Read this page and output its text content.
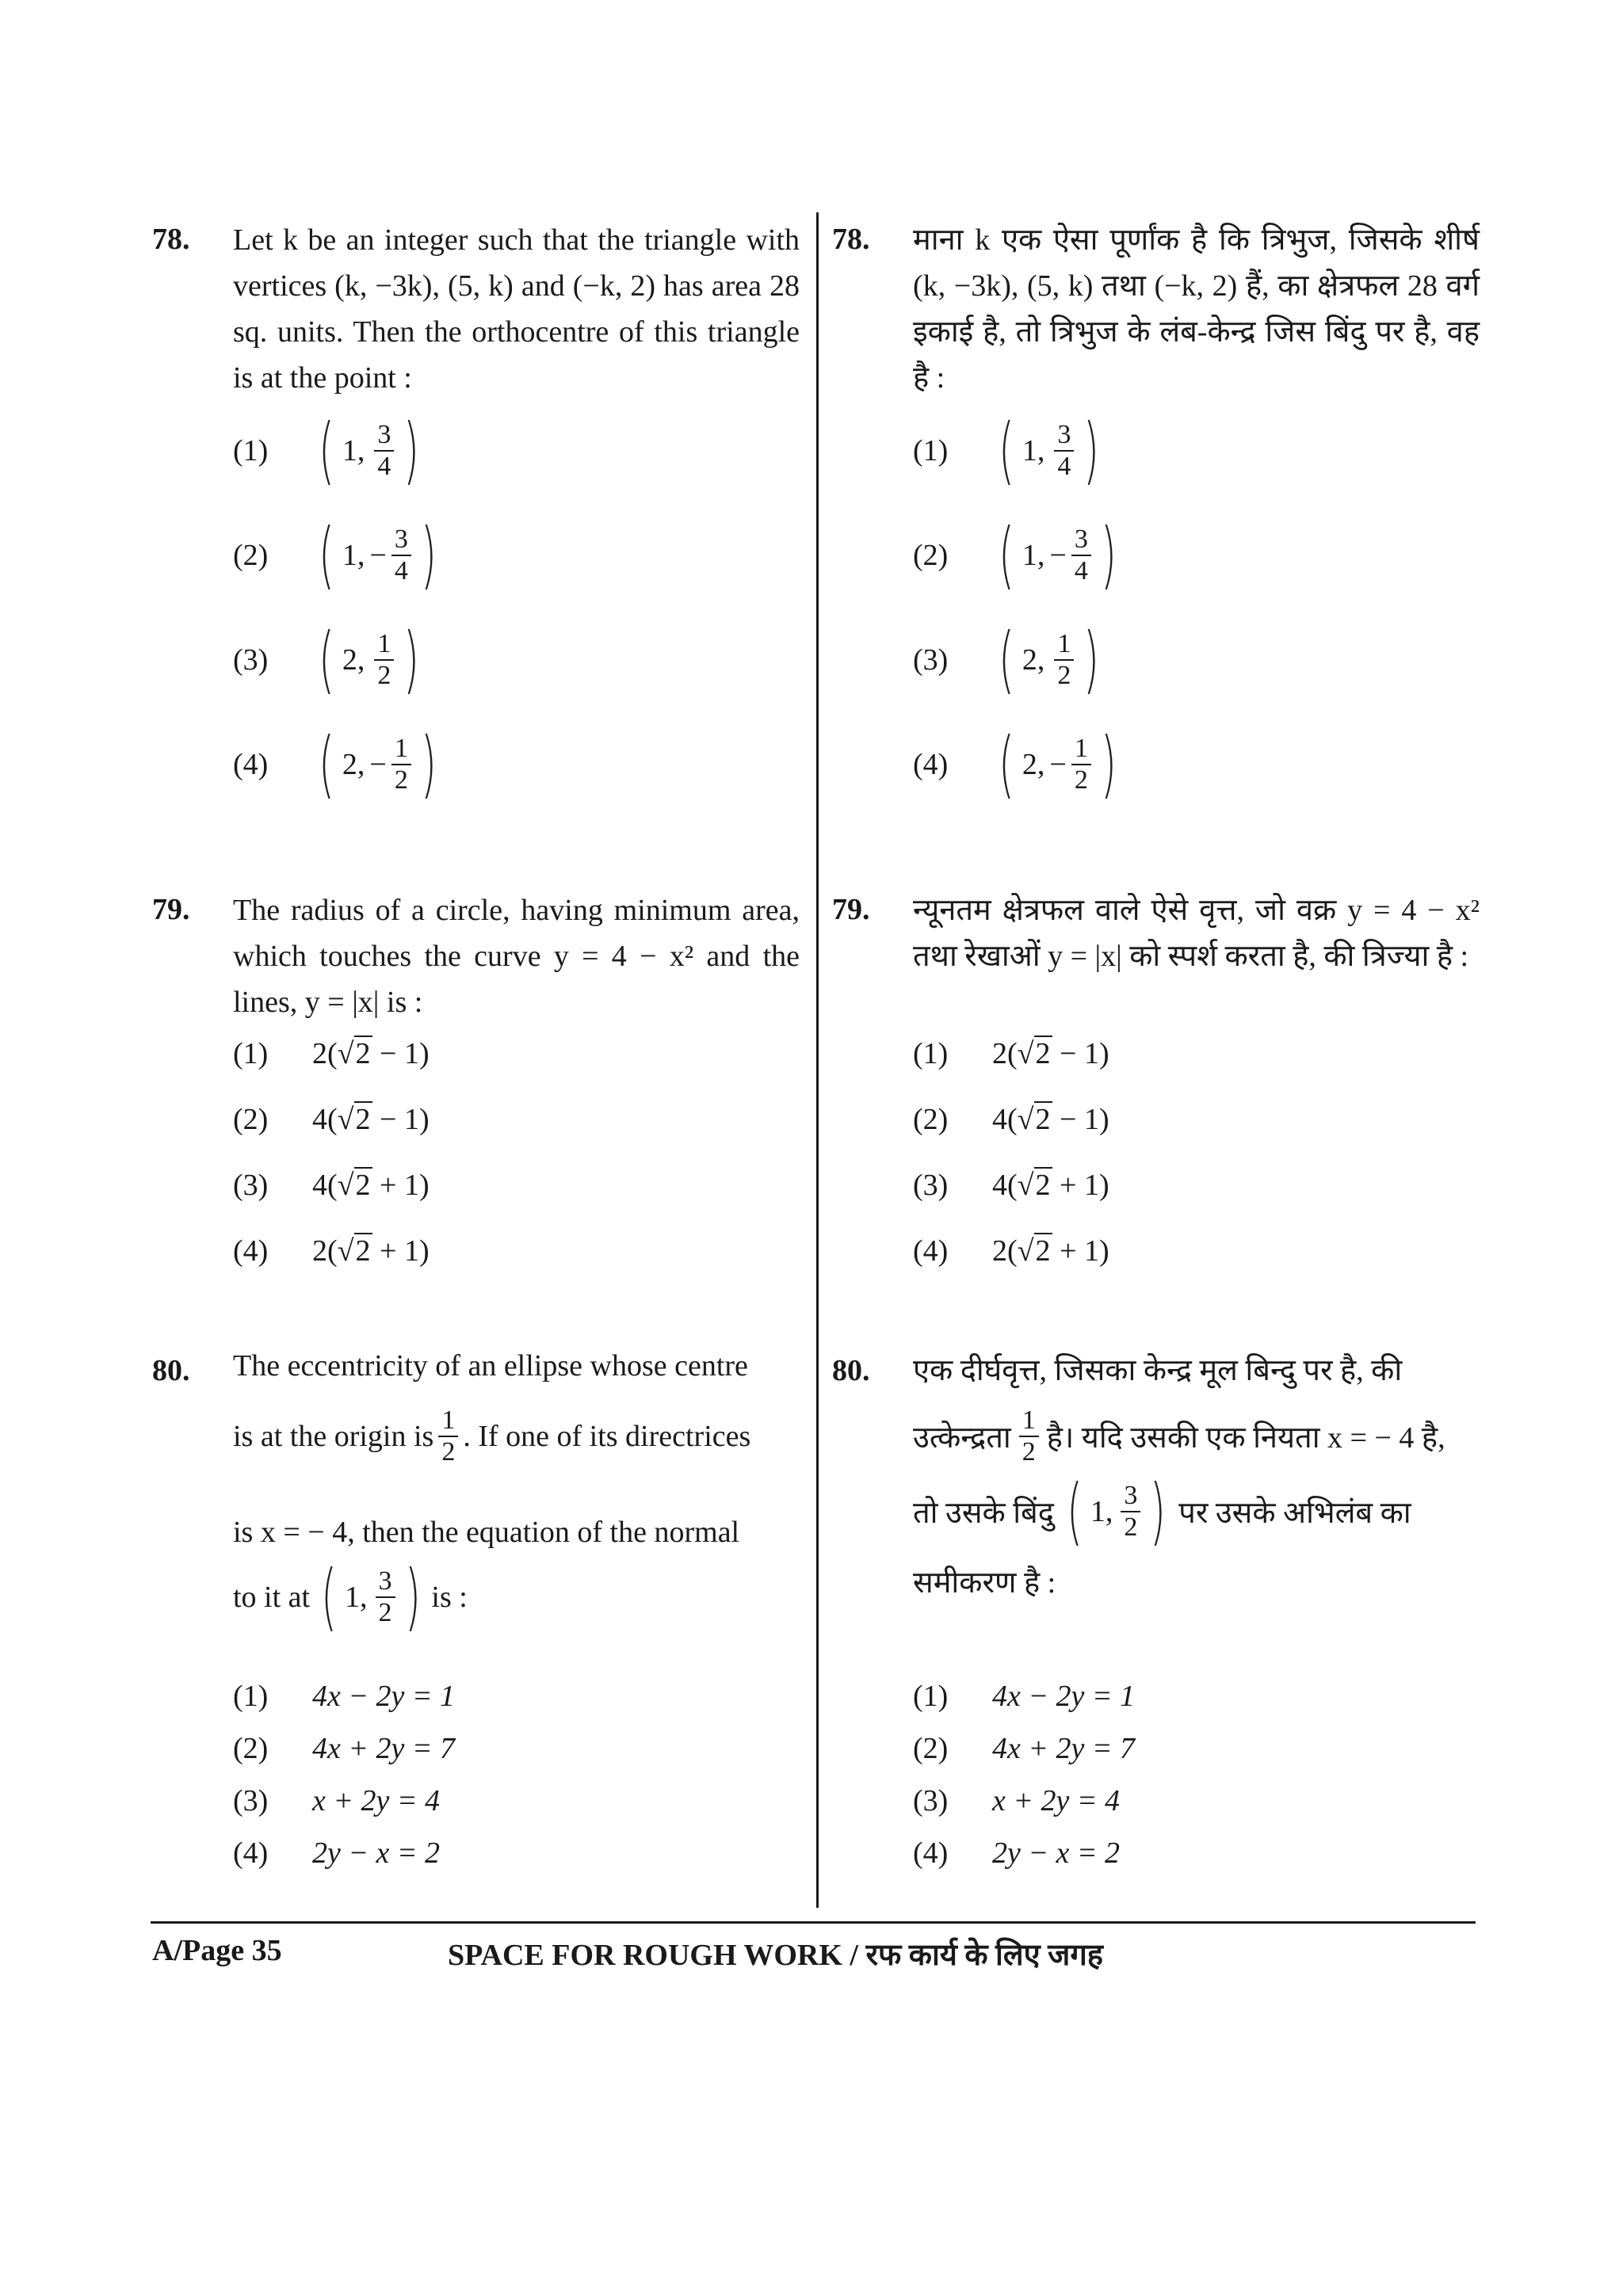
78. Let k be an integer such that the triangle with vertices (k, −3k), (5, k) and (−k, 2) has area 28 sq. units. Then the orthocentre of this triangle is at the point :
(1) ( 1, $\frac{3}{4}$ )
(2) ( 1, − $\frac{3}{4}$ )
(3) ( 2, $\frac{1}{2}$ )
(4) ( 2, − $\frac{1}{2}$ )
79. The radius of a circle, having minimum area, which touches the curve y = 4 − x² and the lines, y = |x| is :
(1) 2(√2 − 1)
(2) 4(√2 − 1)
(3) 4(√2 + 1)
(4) 2(√2 + 1)
80. The eccentricity of an ellipse whose centre
is at the origin is $\frac{1}{2}$ . If one of its directrices
is x = − 4, then the equation of the normal
to it at ( 1, $\frac{3}{2}$ ) is :
(1) 4x − 2y = 1
(2) 4x + 2y = 7
(3) x + 2y = 4
(4) 2y − x = 2
78. माना k एक ऐसा पूर्णांक है कि त्रिभुज, जिसके शीर्ष (k, −3k), (5, k) तथा (−k, 2) हैं, का क्षेत्रफल 28 वर्ग इकाई है, तो त्रिभुज के लंब-केन्द्र जिस बिंदु पर है, वह है :
(1) ( 1, $\frac{3}{4}$ )
(2) ( 1, − $\frac{3}{4}$ )
(3) ( 2, $\frac{1}{2}$ )
(4) ( 2, − $\frac{1}{2}$ )
79. न्यूनतम क्षेत्रफल वाले ऐसे वृत्त, जो वक्र y = 4 − x² तथा रेखाओं y = |x| को स्पर्श करता है, की त्रिज्या है :
(1) 2(√2 − 1)
(2) 4(√2 − 1)
(3) 4(√2 + 1)
(4) 2(√2 + 1)
80. एक दीर्घवृत्त, जिसका केन्द्र मूल बिन्दु पर है, की
उत्केन्द्रता $\frac{1}{2}$ है। यदि उसकी एक नियता x = − 4 है,
तो उसके बिंदु ( 1, $\frac{3}{2}$ ) पर उसके अभिलंब का
समीकरण है :
(1) 4x − 2y = 1
(2) 4x + 2y = 7
(3) x + 2y = 4
(4) 2y − x = 2
A/Page 35	SPACE FOR ROUGH WORK / रफ कार्य के लिए जगह
